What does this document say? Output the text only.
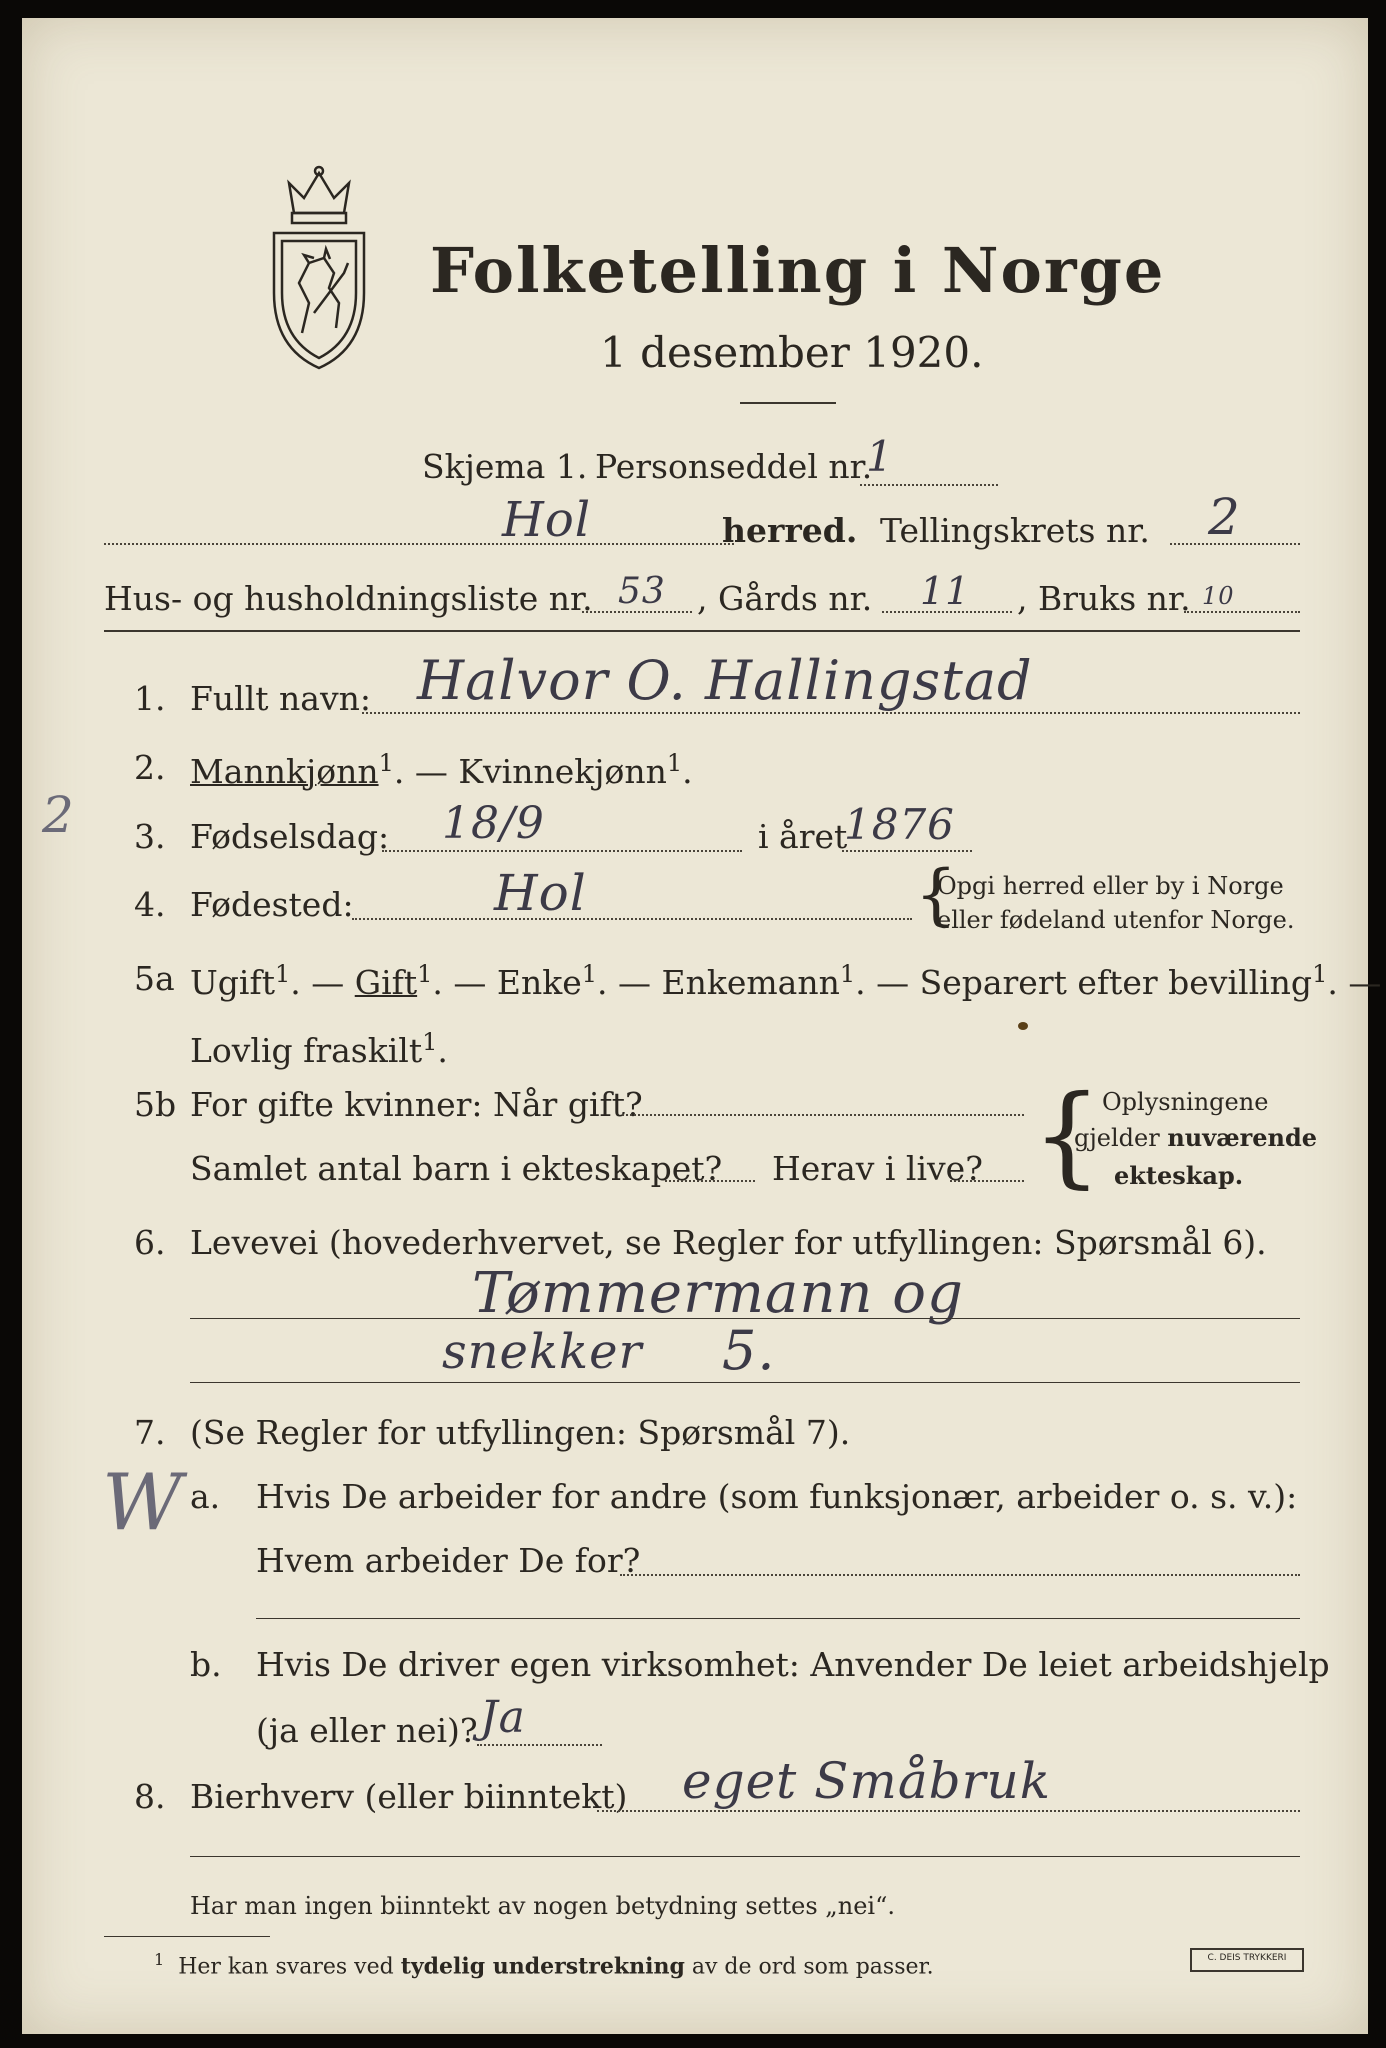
Folketelling i Norge
1 desember 1920.
Skjema 1. Personseddel nr.
1
Hol	herred. Tellingskrets nr. 2
Hus- og husholdningsliste nr. 53 , Gårds nr. 11 , Bruks nr. 10
1. Fullt navn: Halvor O. Hallingstad
2. Mannkjønn$^1$. — Kvinnekjønn$^1$.
2 3. Fødselsdag: 18/9	i året
1876
4. Fødested:	Hol	{
Opgi herred eller by i Norge
eller fødeland utenfor Norge.
5a Ugift$^1$. — Gift$^1$. — Enke$^1$. — Enkemann$^1$. — Separert efter bevilling$^1$. —
Lovlig fraskilt$^1$.
5b For gifte kvinner: Når gift?
Samlet antal barn i ekteskapet? Herav i live? { Oplysningene
gjelder nuværende
ekteskap.
6. Levevei (hovederhvervet, se Regler for utfyllingen: Spørsmål 6).
Tømmermann og
snekker 5.
7. (Se Regler for utfyllingen: Spørsmål 7).
W a. Hvis De arbeider for andre (som funksjonær, arbeider o. s. v.):
Hvem arbeider De for?
b. Hvis De driver egen virksomhet: Anvender De leiet arbeidshjelp
(ja eller nei)? Ja
8. Bierhverv (eller biinntekt) eget Småbruk
Har man ingen biinntekt av nogen betydning settes „nei“.
$^1$ Her kan svares ved tydelig understrekning av de ord som passer.	C. DEIS TRYKKERI
